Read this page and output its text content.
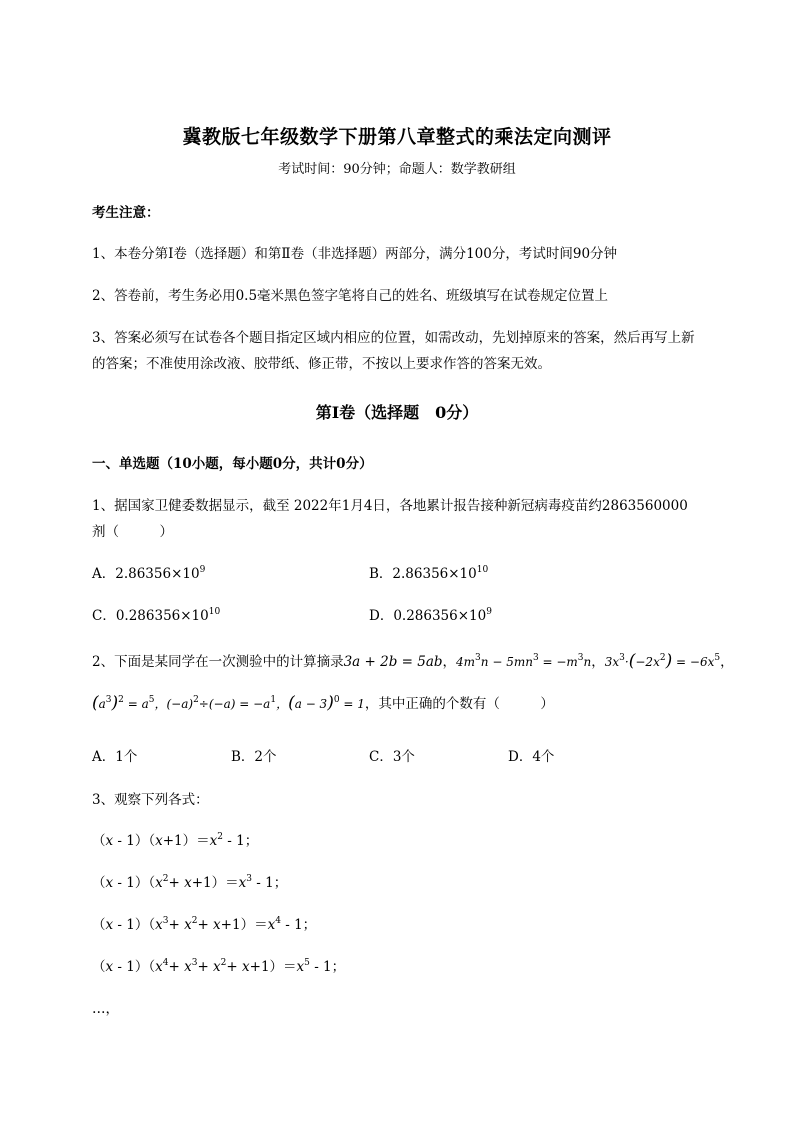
冀教版七年级数学下册第八章整式的乘法定向测评
考试时间：90分钟；命题人：数学教研组
考生注意：
1、本卷分第Ⅰ卷（选择题）和第Ⅱ卷（非选择题）两部分，满分100分，考试时间90分钟
2、答卷前，考生务必用0.5毫米黑色签字笔将自己的姓名、班级填写在试卷规定位置上
3、答案必须写在试卷各个题目指定区域内相应的位置，如需改动，先划掉原来的答案，然后再写上新
的答案；不准使用涂改液、胶带纸、修正带，不按以上要求作答的答案无效。
第Ⅰ卷（选择题　0分）
一、单选题（10小题，每小题0分，共计0分）
1、据国家卫健委数据显示，截至 2022年1月4日，各地累计报告接种新冠病毒疫苗约2863560000
剂（　　　）
A．$2.86356\times 10^9$	B．$2.86356\times 10^{10}$
C．$0.286356\times 10^{10}$	D．$0.286356\times 10^9$
2、下面是某同学在一次测验中的计算摘录3a + 2b = 5ab，$4m^3n - 5mn^3 = -m^3n$，$3x^3\cdot(-2x^2) = -6x^5$，
$(a^3)^2 = a^5$，$(-a)^2\div(-a) = -a^1$，$(a - 3)^0 = 1$，其中正确的个数有（　　　）
A．1个	B．2个	C．3个	D．4个
3、观察下列各式：
$(x - 1)(x+1)=x^2 - 1$；
$(x - 1)(x^2+ x+1)=x^3 - 1$；
$(x - 1)(x^3+ x^2+ x+1)=x^4 - 1$；
$(x - 1)(x^4+ x^3+ x^2+ x+1)=x^5 - 1$；
…，
